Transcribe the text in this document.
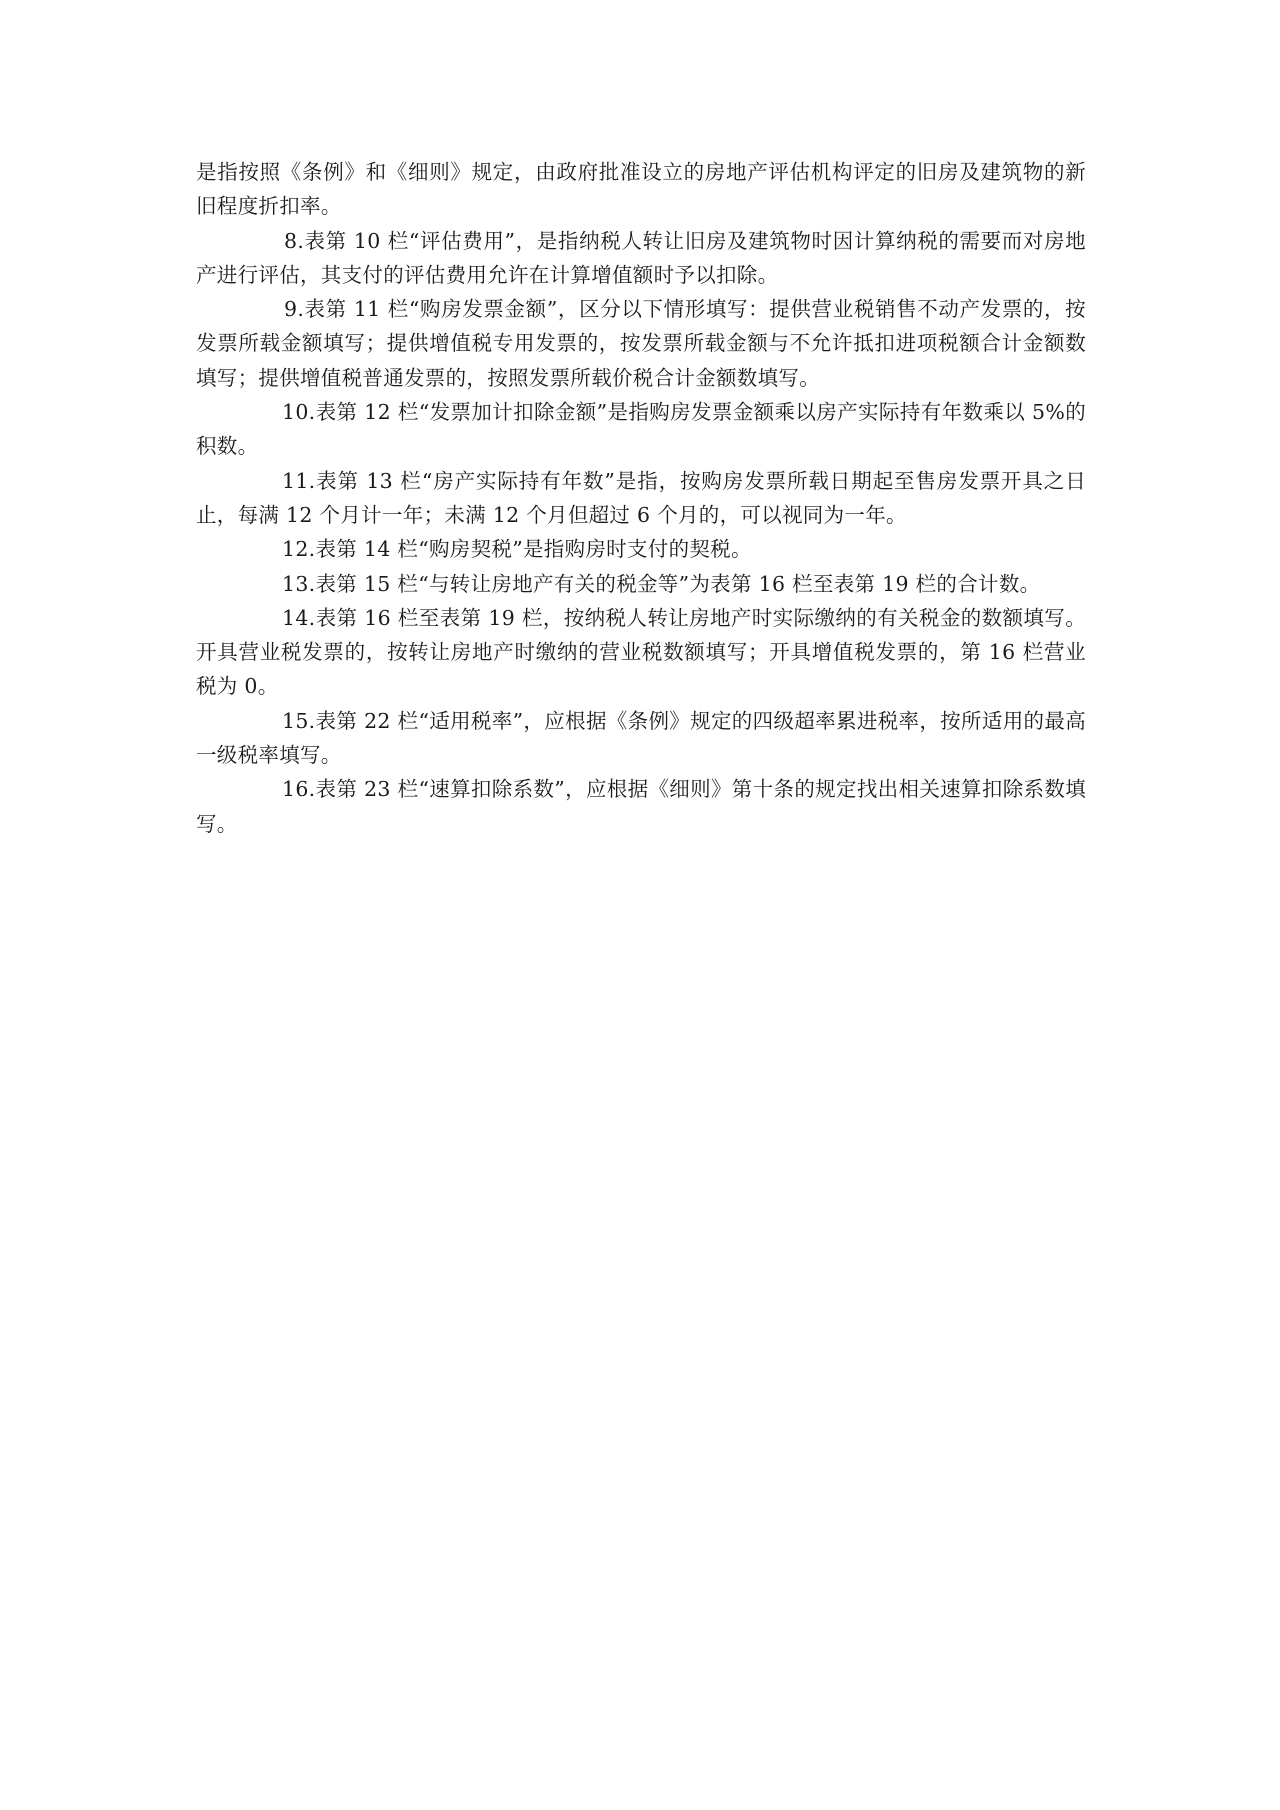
是指按照《条例》和《细则》规定，由政府批准设立的房地产评估机构评定的旧房及建筑物的新旧程度折扣率。

8.表第 10 栏“评估费用”，是指纳税人转让旧房及建筑物时因计算纳税的需要而对房地产进行评估，其支付的评估费用允许在计算增值额时予以扣除。

9.表第 11 栏“购房发票金额”，区分以下情形填写：提供营业税销售不动产发票的，按发票所载金额填写；提供增值税专用发票的，按发票所载金额与不允许抵扣进项税额合计金额数填写；提供增值税普通发票的，按照发票所载价税合计金额数填写。

10.表第 12 栏“发票加计扣除金额”是指购房发票金额乘以房产实际持有年数乘以 5%的积数。

11.表第 13 栏“房产实际持有年数”是指，按购房发票所载日期起至售房发票开具之日止，每满 12 个月计一年；未满 12 个月但超过 6 个月的，可以视同为一年。

12.表第 14 栏“购房契税”是指购房时支付的契税。

13.表第 15 栏“与转让房地产有关的税金等”为表第 16 栏至表第 19 栏的合计数。

14.表第 16 栏至表第 19 栏，按纳税人转让房地产时实际缴纳的有关税金的数额填写。开具营业税发票的，按转让房地产时缴纳的营业税数额填写；开具增值税发票的，第 16 栏营业税为 0。

15.表第 22 栏“适用税率”，应根据《条例》规定的四级超率累进税率，按所适用的最高一级税率填写。

16.表第 23 栏“速算扣除系数”，应根据《细则》第十条的规定找出相关速算扣除系数填写。
